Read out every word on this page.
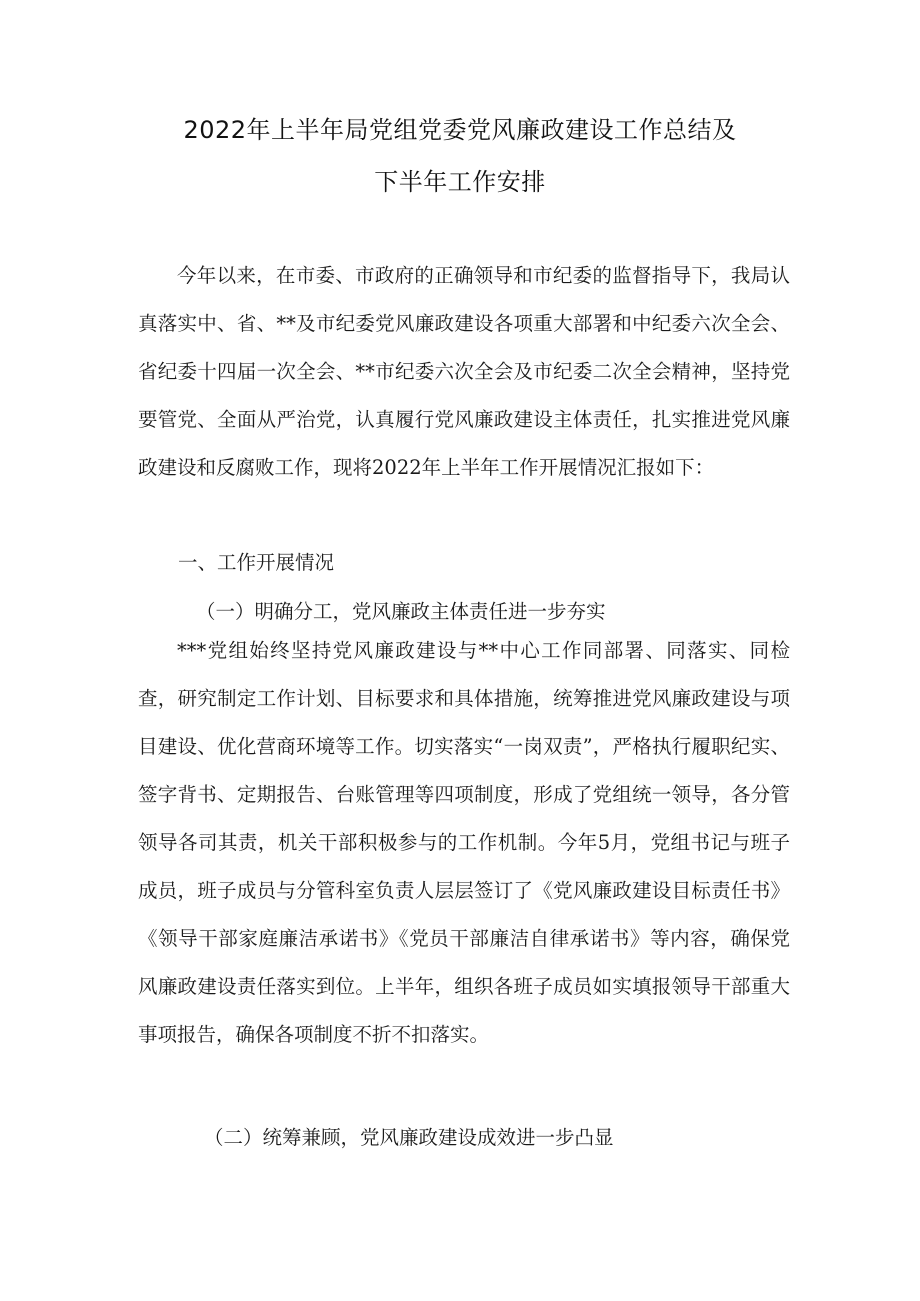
2022年上半年局党组党委党风廉政建设工作总结及
下半年工作安排

今年以来，在市委、市政府的正确领导和市纪委的监督指导下，我局认真落实中、省、**及市纪委党风廉政建设各项重大部署和中纪委六次全会、省纪委十四届一次全会、**市纪委六次全会及市纪委二次全会精神，坚持党要管党、全面从严治党，认真履行党风廉政建设主体责任，扎实推进党风廉政建设和反腐败工作，现将2022年上半年工作开展情况汇报如下：

一、工作开展情况

（一）明确分工，党风廉政主体责任进一步夯实

***党组始终坚持党风廉政建设与**中心工作同部署、同落实、同检查，研究制定工作计划、目标要求和具体措施，统筹推进党风廉政建设与项目建设、优化营商环境等工作。切实落实“一岗双责”，严格执行履职纪实、签字背书、定期报告、台账管理等四项制度，形成了党组统一领导，各分管领导各司其责，机关干部积极参与的工作机制。今年5月，党组书记与班子成员，班子成员与分管科室负责人层层签订了《党风廉政建设目标责任书》《领导干部家庭廉洁承诺书》《党员干部廉洁自律承诺书》等内容，确保党风廉政建设责任落实到位。上半年，组织各班子成员如实填报领导干部重大事项报告，确保各项制度不折不扣落实。

（二）统筹兼顾，党风廉政建设成效进一步凸显
